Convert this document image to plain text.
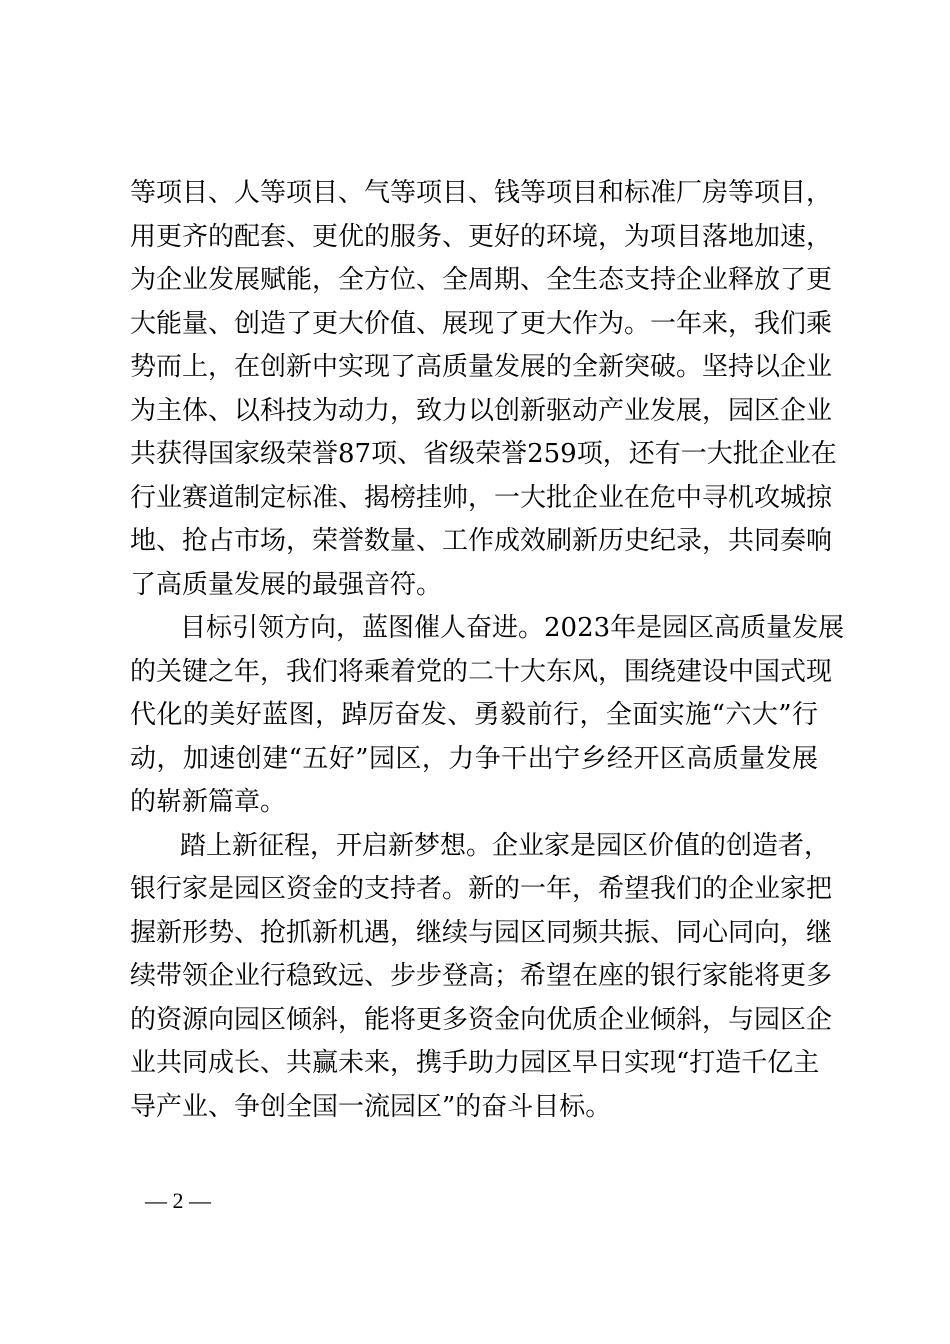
等项目、人等项目、气等项目、钱等项目和标准厂房等项目，
用更齐的配套、更优的服务、更好的环境，为项目落地加速，
为企业发展赋能，全方位、全周期、全生态支持企业释放了更
大能量、创造了更大价值、展现了更大作为。一年来，我们乘
势而上，在创新中实现了高质量发展的全新突破。坚持以企业
为主体、以科技为动力，致力以创新驱动产业发展，园区企业
共获得国家级荣誉87项、省级荣誉259项，还有一大批企业在
行业赛道制定标准、揭榜挂帅，一大批企业在危中寻机攻城掠
地、抢占市场，荣誉数量、工作成效刷新历史纪录，共同奏响
了高质量发展的最强音符。
目标引领方向，蓝图催人奋进。2023年是园区高质量发展
的关键之年，我们将乘着党的二十大东风，围绕建设中国式现
代化的美好蓝图，踔厉奋发、勇毅前行，全面实施“六大”行
动，加速创建“五好”园区，力争干出宁乡经开区高质量发展
的崭新篇章。
踏上新征程，开启新梦想。企业家是园区价值的创造者，
银行家是园区资金的支持者。新的一年，希望我们的企业家把
握新形势、抢抓新机遇，继续与园区同频共振、同心同向，继
续带领企业行稳致远、步步登高；希望在座的银行家能将更多
的资源向园区倾斜，能将更多资金向优质企业倾斜，与园区企
业共同成长、共赢未来，携手助力园区早日实现“打造千亿主
导产业、争创全国一流园区”的奋斗目标。
— 2 —
